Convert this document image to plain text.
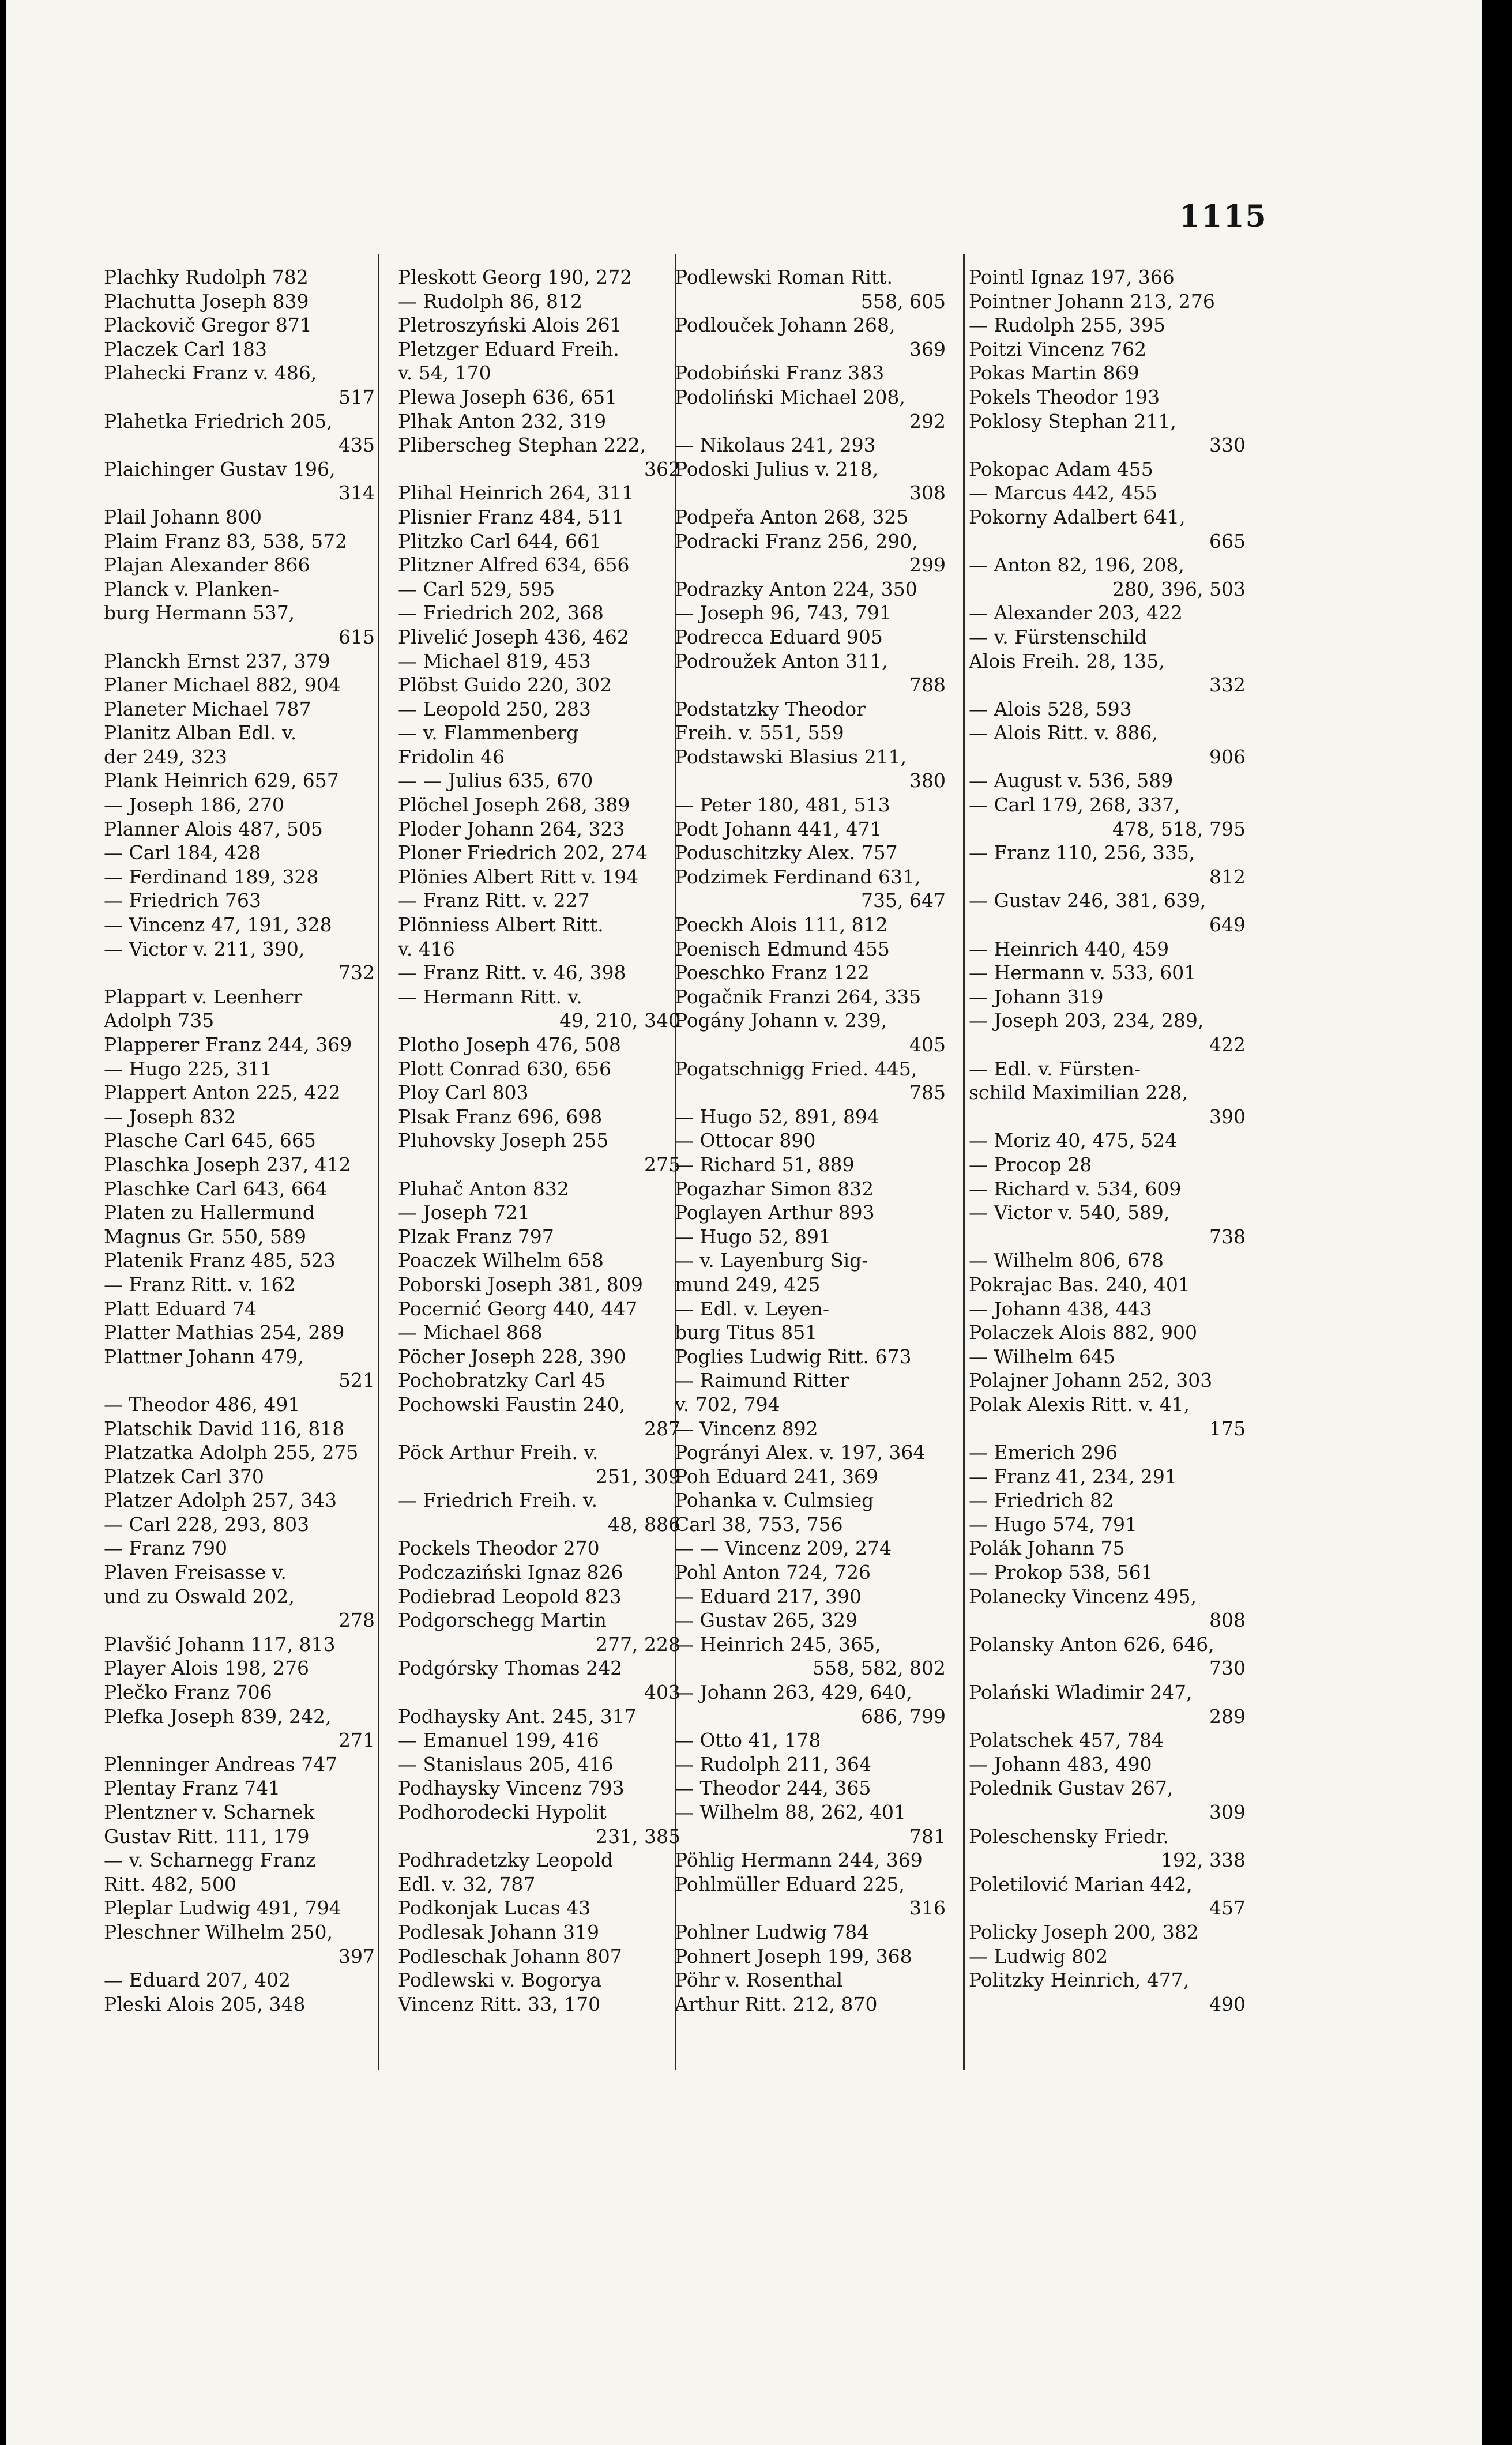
1115
Plachky Rudolph 782
Plachutta Joseph 839
Plackovič Gregor 871
Placzek Carl 183
Plahecki Franz v. 486,
517
Plahetka Friedrich 205,
435
Plaichinger Gustav 196,
314
Plail Johann 800
Plaim Franz 83, 538, 572
Plajan Alexander 866
Planck v. Planken-
burg Hermann 537,
615
Planckh Ernst 237, 379
Planer Michael 882, 904
Planeter Michael 787
Planitz Alban Edl. v.
der 249, 323
Plank Heinrich 629, 657
— Joseph 186, 270
Planner Alois 487, 505
— Carl 184, 428
— Ferdinand 189, 328
— Friedrich 763
— Vincenz 47, 191, 328
— Victor v. 211, 390,
732
Plappart v. Leenherr
Adolph 735
Plapperer Franz 244, 369
— Hugo 225, 311
Plappert Anton 225, 422
— Joseph 832
Plasche Carl 645, 665
Plaschka Joseph 237, 412
Plaschke Carl 643, 664
Platen zu Hallermund
Magnus Gr. 550, 589
Platenik Franz 485, 523
— Franz Ritt. v. 162
Platt Eduard 74
Platter Mathias 254, 289
Plattner Johann 479,
521
— Theodor 486, 491
Platschik David 116, 818
Platzatka Adolph 255, 275
Platzek Carl 370
Platzer Adolph 257, 343
— Carl 228, 293, 803
— Franz 790
Plaven Freisasse v.
und zu Oswald 202,
278
Plavšić Johann 117, 813
Player Alois 198, 276
Plečko Franz 706
Plefka Joseph 839, 242,
271
Plenninger Andreas 747
Plentay Franz 741
Plentzner v. Scharnek
Gustav Ritt. 111, 179
— v. Scharnegg Franz
Ritt. 482, 500
Pleplar Ludwig 491, 794
Pleschner Wilhelm 250,
397
— Eduard 207, 402
Pleski Alois 205, 348
Pleskott Georg 190, 272
— Rudolph 86, 812
Pletroszyński Alois 261
Pletzger Eduard Freih.
v. 54, 170
Plewa Joseph 636, 651
Plhak Anton 232, 319
Pliberscheg Stephan 222,
362
Plihal Heinrich 264, 311
Plisnier Franz 484, 511
Plitzko Carl 644, 661
Plitzner Alfred 634, 656
— Carl 529, 595
— Friedrich 202, 368
Plivelić Joseph 436, 462
— Michael 819, 453
Plöbst Guido 220, 302
— Leopold 250, 283
— v. Flammenberg
Fridolin 46
— — Julius 635, 670
Plöchel Joseph 268, 389
Ploder Johann 264, 323
Ploner Friedrich 202, 274
Plönies Albert Ritt v. 194
— Franz Ritt. v. 227
Plönniess Albert Ritt.
v. 416
— Franz Ritt. v. 46, 398
— Hermann Ritt. v.
49, 210, 340
Plotho Joseph 476, 508
Plott Conrad 630, 656
Ploy Carl 803
Plsak Franz 696, 698
Pluhovsky Joseph 255
275
Pluhač Anton 832
— Joseph 721
Plzak Franz 797
Poaczek Wilhelm 658
Poborski Joseph 381, 809
Pocernić Georg 440, 447
— Michael 868
Pöcher Joseph 228, 390
Pochobratzky Carl 45
Pochowski Faustin 240,
287
Pöck Arthur Freih. v.
251, 309
— Friedrich Freih. v.
48, 886
Pockels Theodor 270
Podczaziński Ignaz 826
Podiebrad Leopold 823
Podgorschegg Martin
277, 228
Podgórsky Thomas 242
403
Podhaysky Ant. 245, 317
— Emanuel 199, 416
— Stanislaus 205, 416
Podhaysky Vincenz 793
Podhorodecki Hypolit
231, 385
Podhradetzky Leopold
Edl. v. 32, 787
Podkonjak Lucas 43
Podlesak Johann 319
Podleschak Johann 807
Podlewski v. Bogorya
Vincenz Ritt. 33, 170
Podlewski Roman Ritt.
558, 605
Podlouček Johann 268,
369
Podobiński Franz 383
Podoliński Michael 208,
292
— Nikolaus 241, 293
Podoski Julius v. 218,
308
Podpeřa Anton 268, 325
Podracki Franz 256, 290,
299
Podrazky Anton 224, 350
— Joseph 96, 743, 791
Podrecca Eduard 905
Podroužek Anton 311,
788
Podstatzky Theodor
Freih. v. 551, 559
Podstawski Blasius 211,
380
— Peter 180, 481, 513
Podt Johann 441, 471
Poduschitzky Alex. 757
Podzimek Ferdinand 631,
735, 647
Poeckh Alois 111, 812
Poenisch Edmund 455
Poeschko Franz 122
Pogačnik Franzi 264, 335
Pogány Johann v. 239,
405
Pogatschnigg Fried. 445,
785
— Hugo 52, 891, 894
— Ottocar 890
— Richard 51, 889
Pogazhar Simon 832
Poglayen Arthur 893
— Hugo 52, 891
— v. Layenburg Sig-
mund 249, 425
— Edl. v. Leyen-
burg Titus 851
Poglies Ludwig Ritt. 673
— Raimund Ritter
v. 702, 794
— Vincenz 892
Pogrányi Alex. v. 197, 364
Poh Eduard 241, 369
Pohanka v. Culmsieg
Carl 38, 753, 756
— — Vincenz 209, 274
Pohl Anton 724, 726
— Eduard 217, 390
— Gustav 265, 329
— Heinrich 245, 365,
558, 582, 802
— Johann 263, 429, 640,
686, 799
— Otto 41, 178
— Rudolph 211, 364
— Theodor 244, 365
— Wilhelm 88, 262, 401
781
Pöhlig Hermann 244, 369
Pohlmüller Eduard 225,
316
Pohlner Ludwig 784
Pohnert Joseph 199, 368
Pöhr v. Rosenthal
Arthur Ritt. 212, 870
Pointl Ignaz 197, 366
Pointner Johann 213, 276
— Rudolph 255, 395
Poitzi Vincenz 762
Pokas Martin 869
Pokels Theodor 193
Poklosy Stephan 211,
330
Pokopac Adam 455
— Marcus 442, 455
Pokorny Adalbert 641,
665
— Anton 82, 196, 208,
280, 396, 503
— Alexander 203, 422
— v. Fürstenschild
Alois Freih. 28, 135,
332
— Alois 528, 593
— Alois Ritt. v. 886,
906
— August v. 536, 589
— Carl 179, 268, 337,
478, 518, 795
— Franz 110, 256, 335,
812
— Gustav 246, 381, 639,
649
— Heinrich 440, 459
— Hermann v. 533, 601
— Johann 319
— Joseph 203, 234, 289,
422
— Edl. v. Fürsten-
schild Maximilian 228,
390
— Moriz 40, 475, 524
— Procop 28
— Richard v. 534, 609
— Victor v. 540, 589,
738
— Wilhelm 806, 678
Pokrajac Bas. 240, 401
— Johann 438, 443
Polaczek Alois 882, 900
— Wilhelm 645
Polajner Johann 252, 303
Polak Alexis Ritt. v. 41,
175
— Emerich 296
— Franz 41, 234, 291
— Friedrich 82
— Hugo 574, 791
Polák Johann 75
— Prokop 538, 561
Polanecky Vincenz 495,
808
Polansky Anton 626, 646,
730
Polański Wladimir 247,
289
Polatschek 457, 784
— Johann 483, 490
Polednik Gustav 267,
309
Poleschensky Friedr.
192, 338
Poletilović Marian 442,
457
Policky Joseph 200, 382
— Ludwig 802
Politzky Heinrich, 477,
490
